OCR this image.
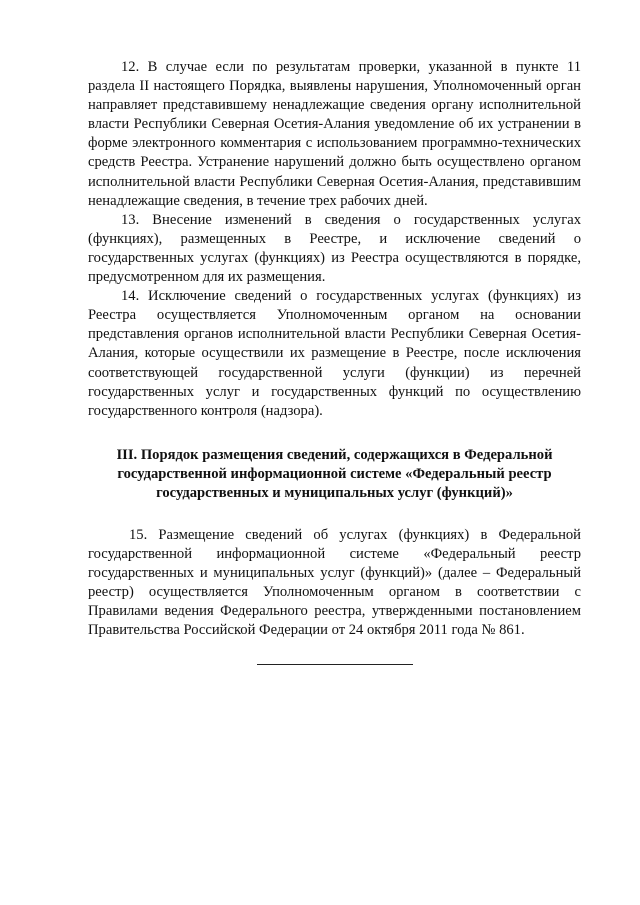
12. В случае если по результатам проверки, указанной в пункте 11 раздела II настоящего Порядка, выявлены нарушения, Уполномоченный орган направляет представившему ненадлежащие сведения органу исполнительной власти Республики Северная Осетия-Алания уведомление об их устранении в форме электронного комментария с использованием программно-технических средств Реестра. Устранение нарушений должно быть осуществлено органом исполнительной власти Республики Северная Осетия-Алания, представившим ненадлежащие сведения, в течение трех рабочих дней.

13. Внесение изменений в сведения о государственных услугах (функциях), размещенных в Реестре, и исключение сведений о государственных услугах (функциях) из Реестра осуществляются в порядке, предусмотренном для их размещения.

14. Исключение сведений о государственных услугах (функциях) из Реестра осуществляется Уполномоченным органом на основании представления органов исполнительной власти Республики Северная Осетия-Алания, которые осуществили их размещение в Реестре, после исключения соответствующей государственной услуги (функции) из перечней государственных услуг и государственных функций по осуществлению государственного контроля (надзора).

III. Порядок размещения сведений, содержащихся в Федеральной государственной информационной системе «Федеральный реестр государственных и муниципальных услуг (функций)»

15. Размещение сведений об услугах (функциях) в Федеральной государственной информационной системе «Федеральный реестр государственных и муниципальных услуг (функций)» (далее – Федеральный реестр) осуществляется Уполномоченным органом в соответствии с Правилами ведения Федерального реестра, утвержденными постановлением Правительства Российской Федерации от 24 октября 2011 года № 861.
